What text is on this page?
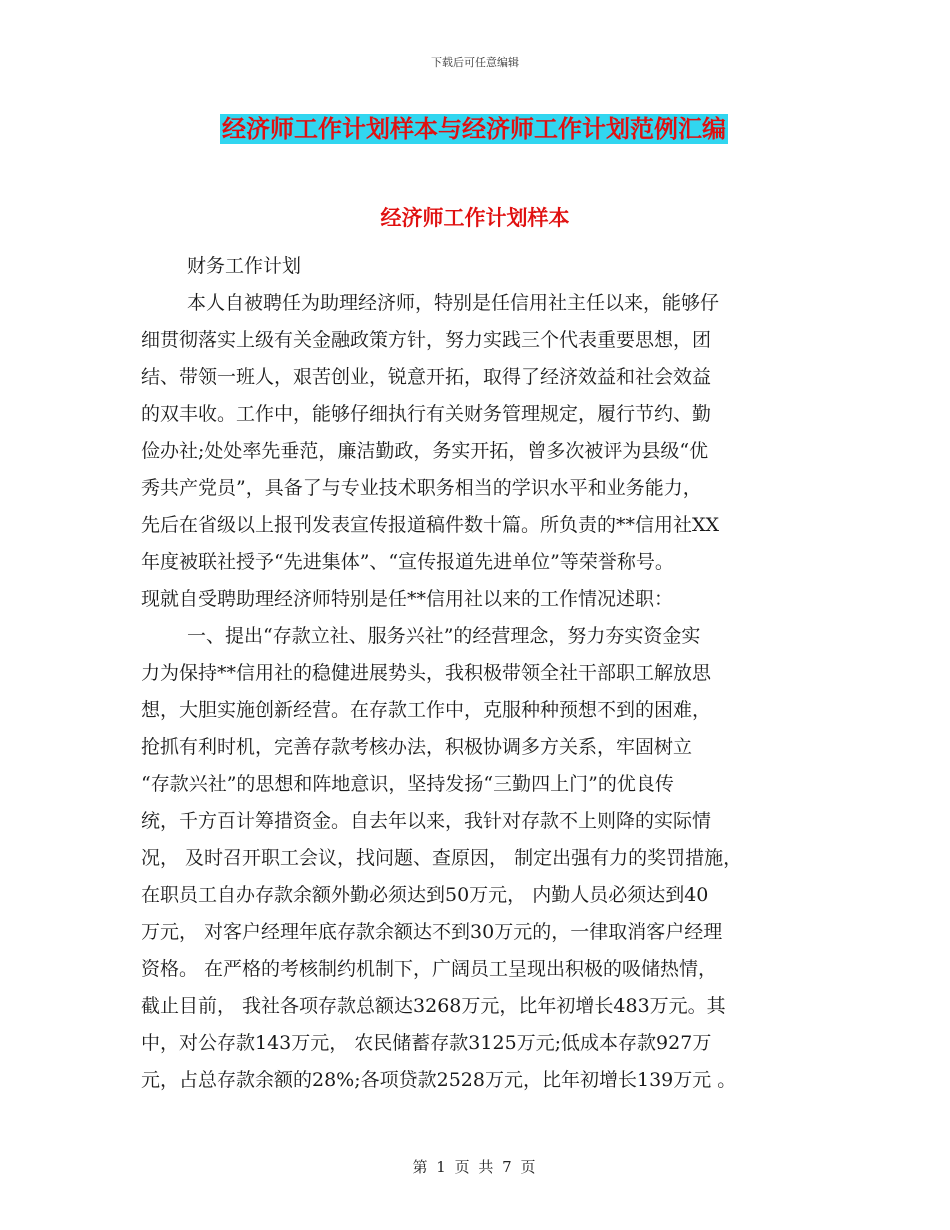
下载后可任意编辑
经济师工作计划样本与经济师工作计划范例汇编
经济师工作计划样本
财务工作计划
本人自被聘任为助理经济师，特别是任信用社主任以来，能够仔
细贯彻落实上级有关金融政策方针，努力实践三个代表重要思想，团
结、带领一班人，艰苦创业，锐意开拓，取得了经济效益和社会效益
的双丰收。工作中，能够仔细执行有关财务管理规定，履行节约、勤
俭办社;处处率先垂范，廉洁勤政，务实开拓，曾多次被评为县级“优
秀共产党员”，具备了与专业技术职务相当的学识水平和业务能力，
先后在省级以上报刊发表宣传报道稿件数十篇。所负责的**信用社XX
年度被联社授予“先进集体”、“宣传报道先进单位”等荣誉称号。
现就自受聘助理经济师特别是任**信用社以来的工作情况述职：
一、提出“存款立社、服务兴社”的经营理念，努力夯实资金实
力为保持**信用社的稳健进展势头，我积极带领全社干部职工解放思
想，大胆实施创新经营。在存款工作中，克服种种预想不到的困难，
抢抓有利时机，完善存款考核办法，积极协调多方关系，牢固树立
“存款兴社”的思想和阵地意识，坚持发扬“三勤四上门”的优良传
统，千方百计筹措资金。自去年以来，我针对存款不上则降的实际情
况， 及时召开职工会议，找问题、查原因， 制定出强有力的奖罚措施，
在职员工自办存款余额外勤必须达到50万元， 内勤人员必须达到40
万元， 对客户经理年底存款余额达不到30万元的，一律取消客户经理
资格。 在严格的考核制约机制下，广阔员工呈现出积极的吸储热情，
截止目前， 我社各项存款总额达3268万元，比年初增长483万元。其
中，对公存款143万元， 农民储蓄存款3125万元;低成本存款927万
元，占总存款余额的28%;各项贷款2528万元，比年初增长139万元 。
第 1 页 共 7 页
